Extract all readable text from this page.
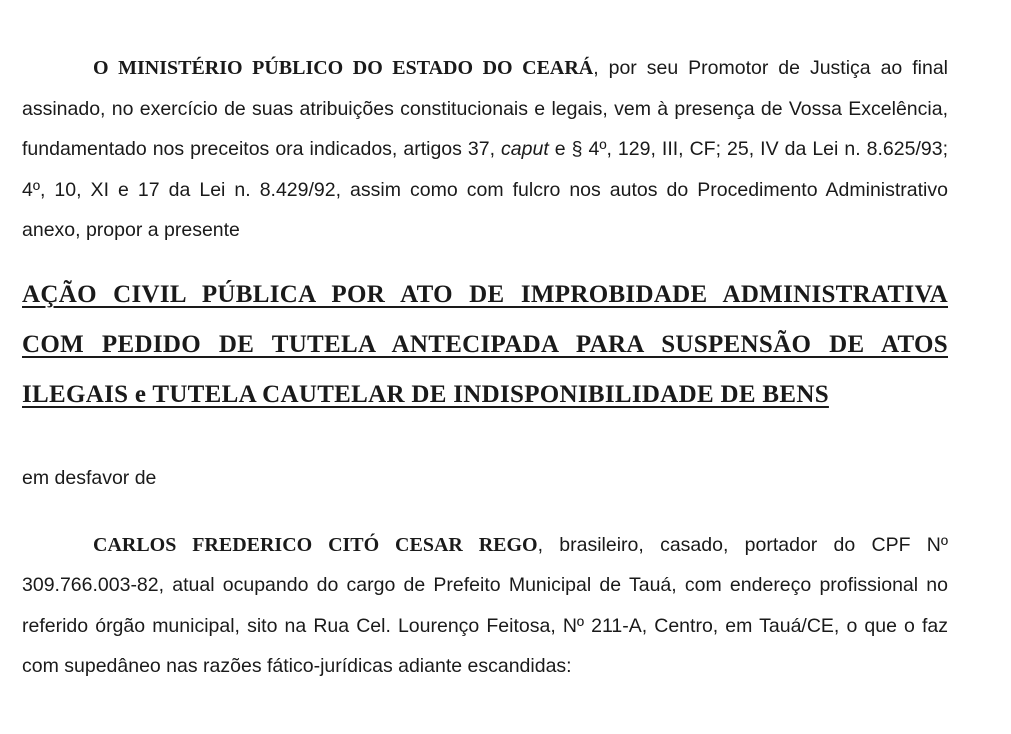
O MINISTÉRIO PÚBLICO DO ESTADO DO CEARÁ, por seu Promotor de Justiça ao final assinado, no exercício de suas atribuições constitucionais e legais, vem à presença de Vossa Excelência, fundamentado nos preceitos ora indicados, artigos 37, caput e § 4º, 129, III, CF; 25, IV da Lei n. 8.625/93; 4º, 10, XI e 17 da Lei n. 8.429/92, assim como com fulcro nos autos do Procedimento Administrativo anexo, propor a presente

AÇÃO CIVIL PÚBLICA POR ATO DE IMPROBIDADE ADMINISTRATIVA
COM PEDIDO DE TUTELA ANTECIPADA PARA SUSPENSÃO DE ATOS
ILEGAIS e TUTELA CAUTELAR DE INDISPONIBILIDADE DE BENS

em desfavor de

CARLOS FREDERICO CITÓ CESAR REGO, brasileiro, casado, portador do CPF Nº 309.766.003-82, atual ocupando do cargo de Prefeito Municipal de Tauá, com endereço profissional no referido órgão municipal, sito na Rua Cel. Lourenço Feitosa, Nº 211-A, Centro, em Tauá/CE, o que o faz com supedâneo nas razões fático-jurídicas adiante escandidas:
